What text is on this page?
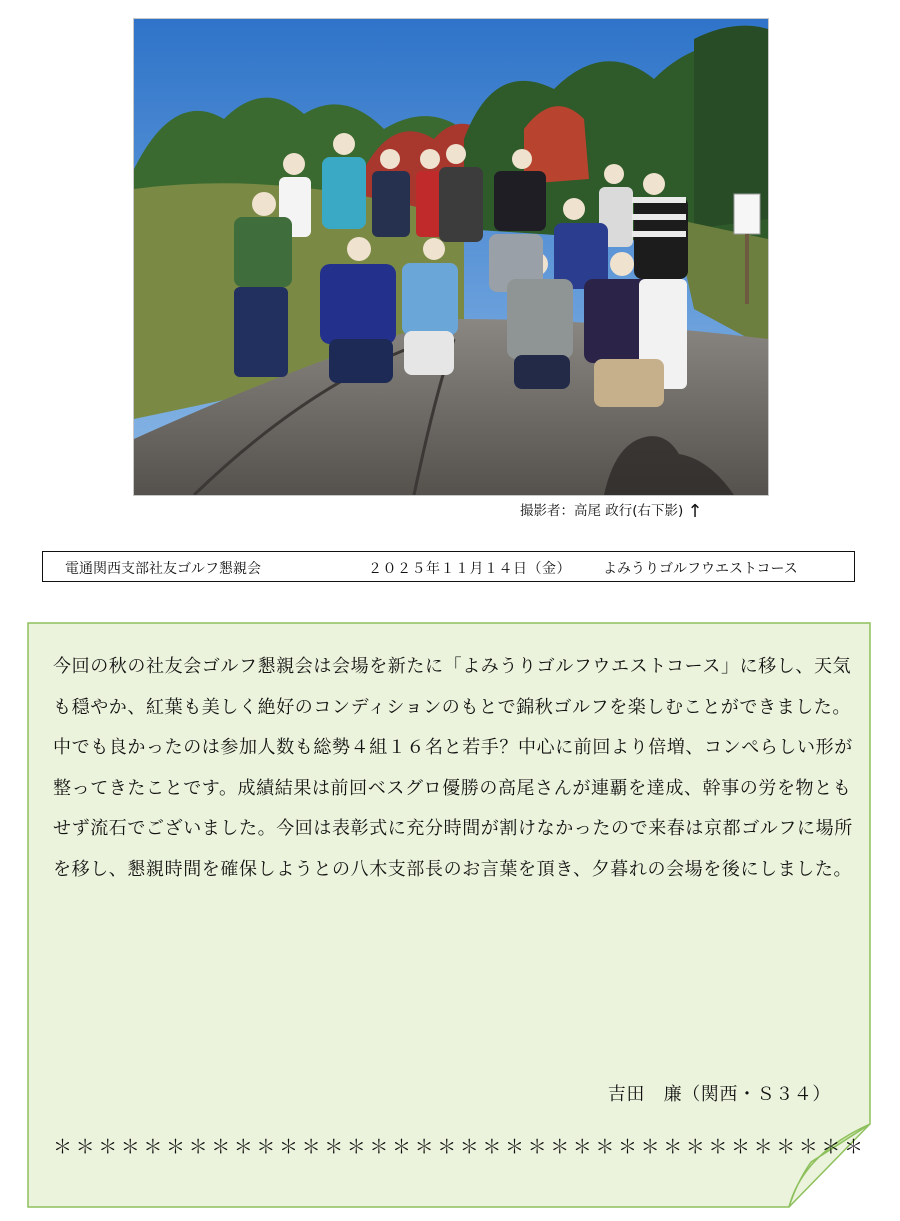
撮影者：高尾 政行(右下影) ↑
電通関西支部社友ゴルフ懇親会	２０２５年１１月１４日（金） よみうりゴルフウエストコース

今回の秋の社友会ゴルフ懇親会は会場を新たに「よみうりゴルフウエストコース」に移し、天気も穏やか、紅葉も美しく絶好のコンディションのもとで錦秋ゴルフを楽しむことができました。

中でも良かったのは参加人数も総勢４組１６名と若手？中心に前回より倍増、コンぺらしい形が整ってきたことです。成績結果は前回ベスグロ優勝の高尾さんが連覇を達成、幹事の労を物ともせず流石でございました。今回は表彰式に充分時間が割けなかったので来春は京都ゴルフに場所を移し、懇親時間を確保しようとの八木支部長のお言葉を頂き、夕暮れの会場を後にしました。

吉田　廉（関西・Ｓ３４）
＊＊＊＊＊＊＊＊＊＊＊＊＊＊＊＊＊＊＊＊＊＊＊＊＊＊＊＊＊＊＊＊＊＊＊＊
